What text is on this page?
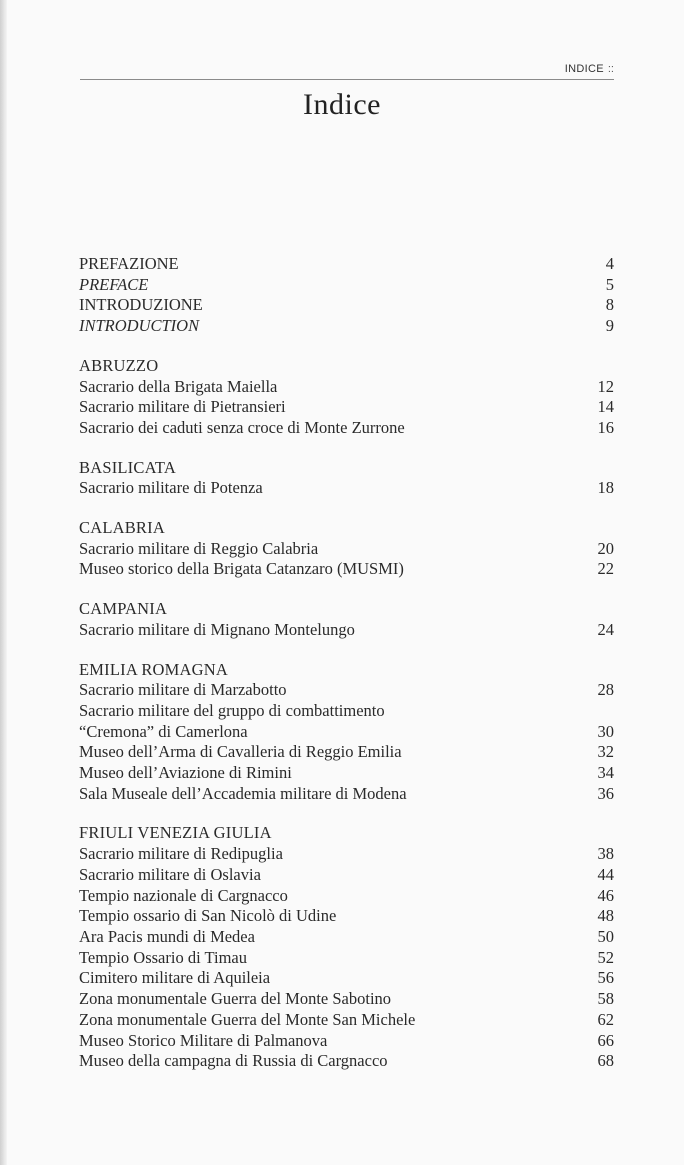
INDICE ::
Indice
PREFAZIONE	4
PREFACE	5
INTRODUZIONE	8
INTRODUCTION	9
ABRUZZO
Sacrario della Brigata Maiella	12
Sacrario militare di Pietransieri	14
Sacrario dei caduti senza croce di Monte Zurrone	16
BASILICATA
Sacrario militare di Potenza	18
CALABRIA
Sacrario militare di Reggio Calabria	20
Museo storico della Brigata Catanzaro (MUSMI)	22
CAMPANIA
Sacrario militare di Mignano Montelungo	24
EMILIA ROMAGNA
Sacrario militare di Marzabotto	28
Sacrario militare del gruppo di combattimento
“Cremona” di Camerlona	30
Museo dell’Arma di Cavalleria di Reggio Emilia	32
Museo dell’Aviazione di Rimini	34
Sala Museale dell’Accademia militare di Modena	36
FRIULI VENEZIA GIULIA
Sacrario militare di Redipuglia	38
Sacrario militare di Oslavia	44
Tempio nazionale di Cargnacco	46
Tempio ossario di San Nicolò di Udine	48
Ara Pacis mundi di Medea	50
Tempio Ossario di Timau	52
Cimitero militare di Aquileia	56
Zona monumentale Guerra del Monte Sabotino	58
Zona monumentale Guerra del Monte San Michele	62
Museo Storico Militare di Palmanova	66
Museo della campagna di Russia di Cargnacco	68
